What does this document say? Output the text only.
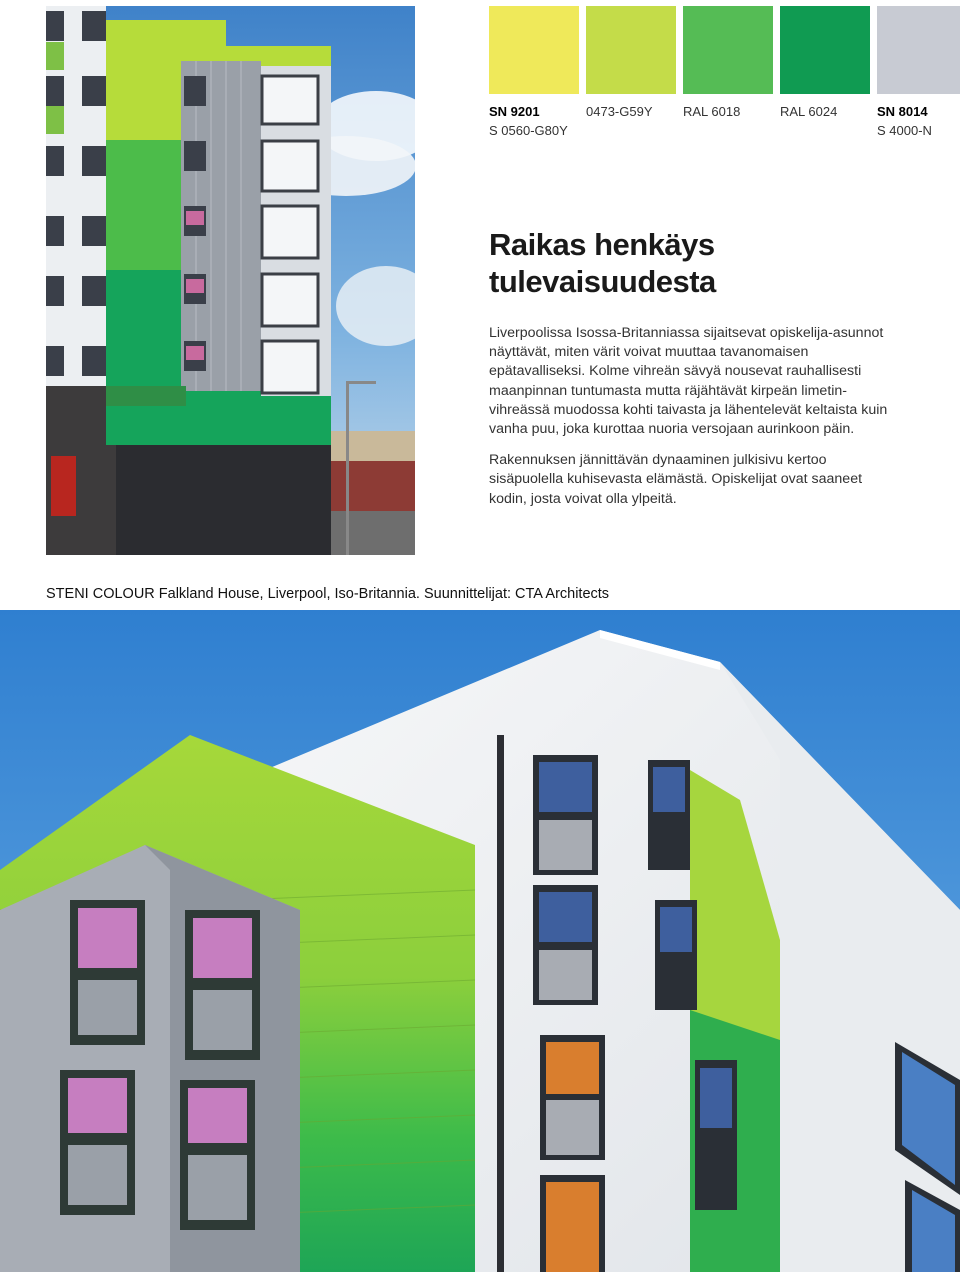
SN 9201
S 0560-G80Y
0473-G59Y RAL 6018	RAL 6024	SN 8014
S 4000-N
Raikas henkäys
tulevaisuudesta

Liverpoolissa Isossa-Britanniassa sijaitsevat opiskelija-asunnot näyttävät, miten värit voivat muuttaa tavanomaisen epätavalliseksi. Kolme vihreän sävyä nousevat rauhallisesti maanpinnan tuntumasta mutta räjähtävät kirpeän limetin-vihreässä muodossa kohti taivasta ja lähentelevät keltaista kuin vanha puu, joka kurottaa nuoria versojaan aurinkoon päin.

Rakennuksen jännittävän dynaaminen julkisivu kertoo sisäpuolella kuhisevasta elämästä. Opiskelijat ovat saaneet kodin, josta voivat olla ylpeitä.

STENI COLOUR Falkland House, Liverpool, Iso-Britannia. Suunnittelijat: CTA Architects
